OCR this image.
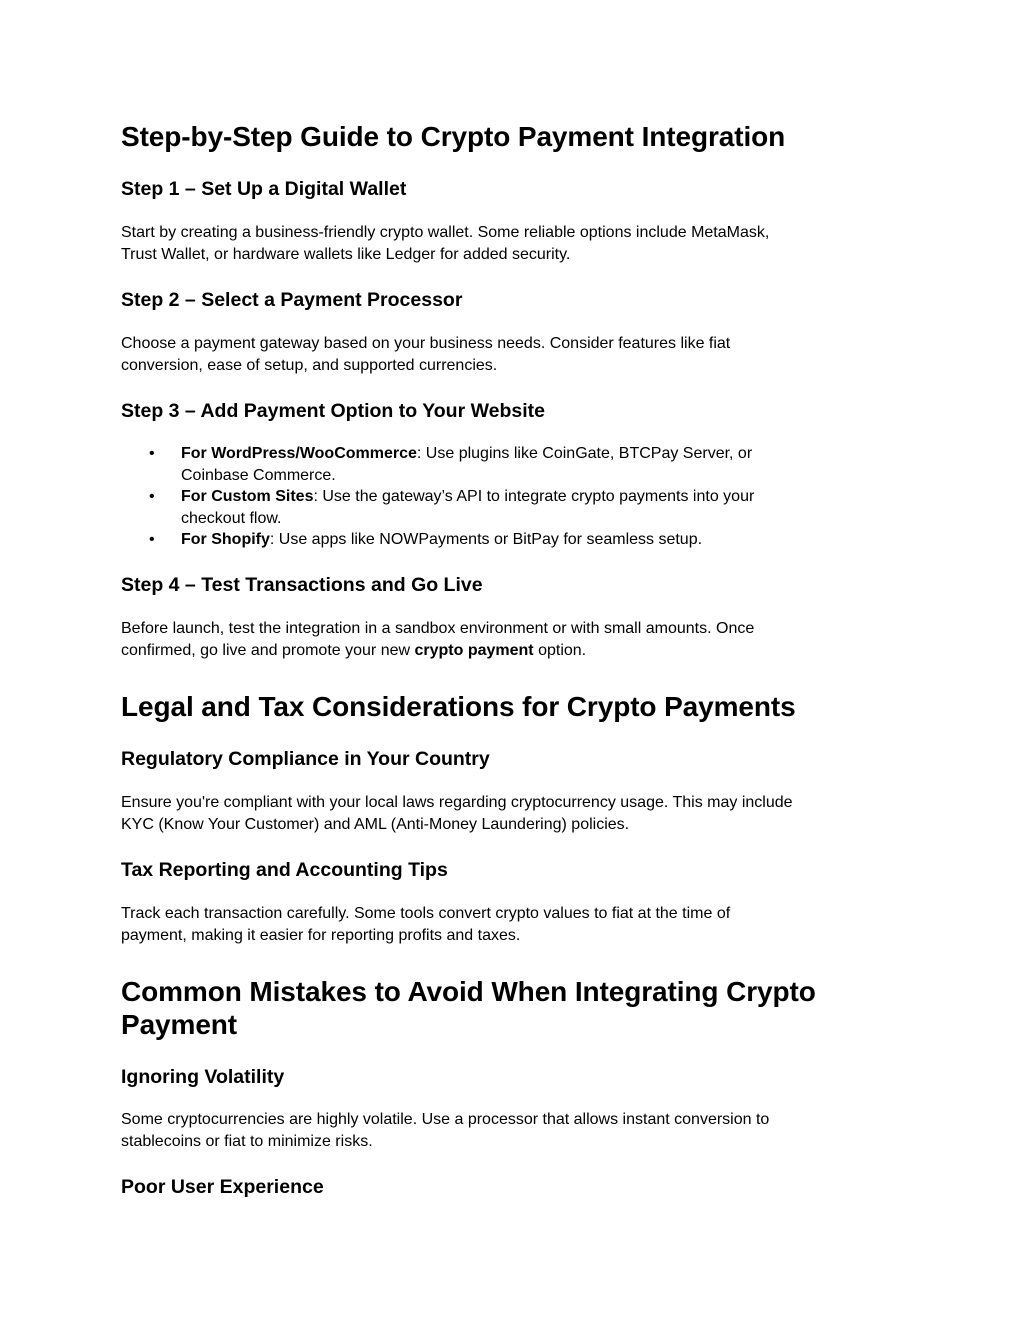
Step-by-Step Guide to Crypto Payment Integration
Step 1 – Set Up a Digital Wallet

Start by creating a business-friendly crypto wallet. Some reliable options include MetaMask,

Trust Wallet, or hardware wallets like Ledger for added security.

Step 2 – Select a Payment Processor

Choose a payment gateway based on your business needs. Consider features like fiat

conversion, ease of setup, and supported currencies.

Step 3 – Add Payment Option to Your Website
• For WordPress/WooCommerce: Use plugins like CoinGate, BTCPay Server, or
Coinbase Commerce.
• For Custom Sites: Use the gateway’s API to integrate crypto payments into your
checkout flow.
• For Shopify: Use apps like NOWPayments or BitPay for seamless setup.
Step 4 – Test Transactions and Go Live

Before launch, test the integration in a sandbox environment or with small amounts. Once

confirmed, go live and promote your new crypto payment option.

Legal and Tax Considerations for Crypto Payments
Regulatory Compliance in Your Country

Ensure you're compliant with your local laws regarding cryptocurrency usage. This may include

KYC (Know Your Customer) and AML (Anti-Money Laundering) policies.

Tax Reporting and Accounting Tips

Track each transaction carefully. Some tools convert crypto values to fiat at the time of

payment, making it easier for reporting profits and taxes.

Common Mistakes to Avoid When Integrating Crypto
Payment
Ignoring Volatility

Some cryptocurrencies are highly volatile. Use a processor that allows instant conversion to

stablecoins or fiat to minimize risks.

Poor User Experience
